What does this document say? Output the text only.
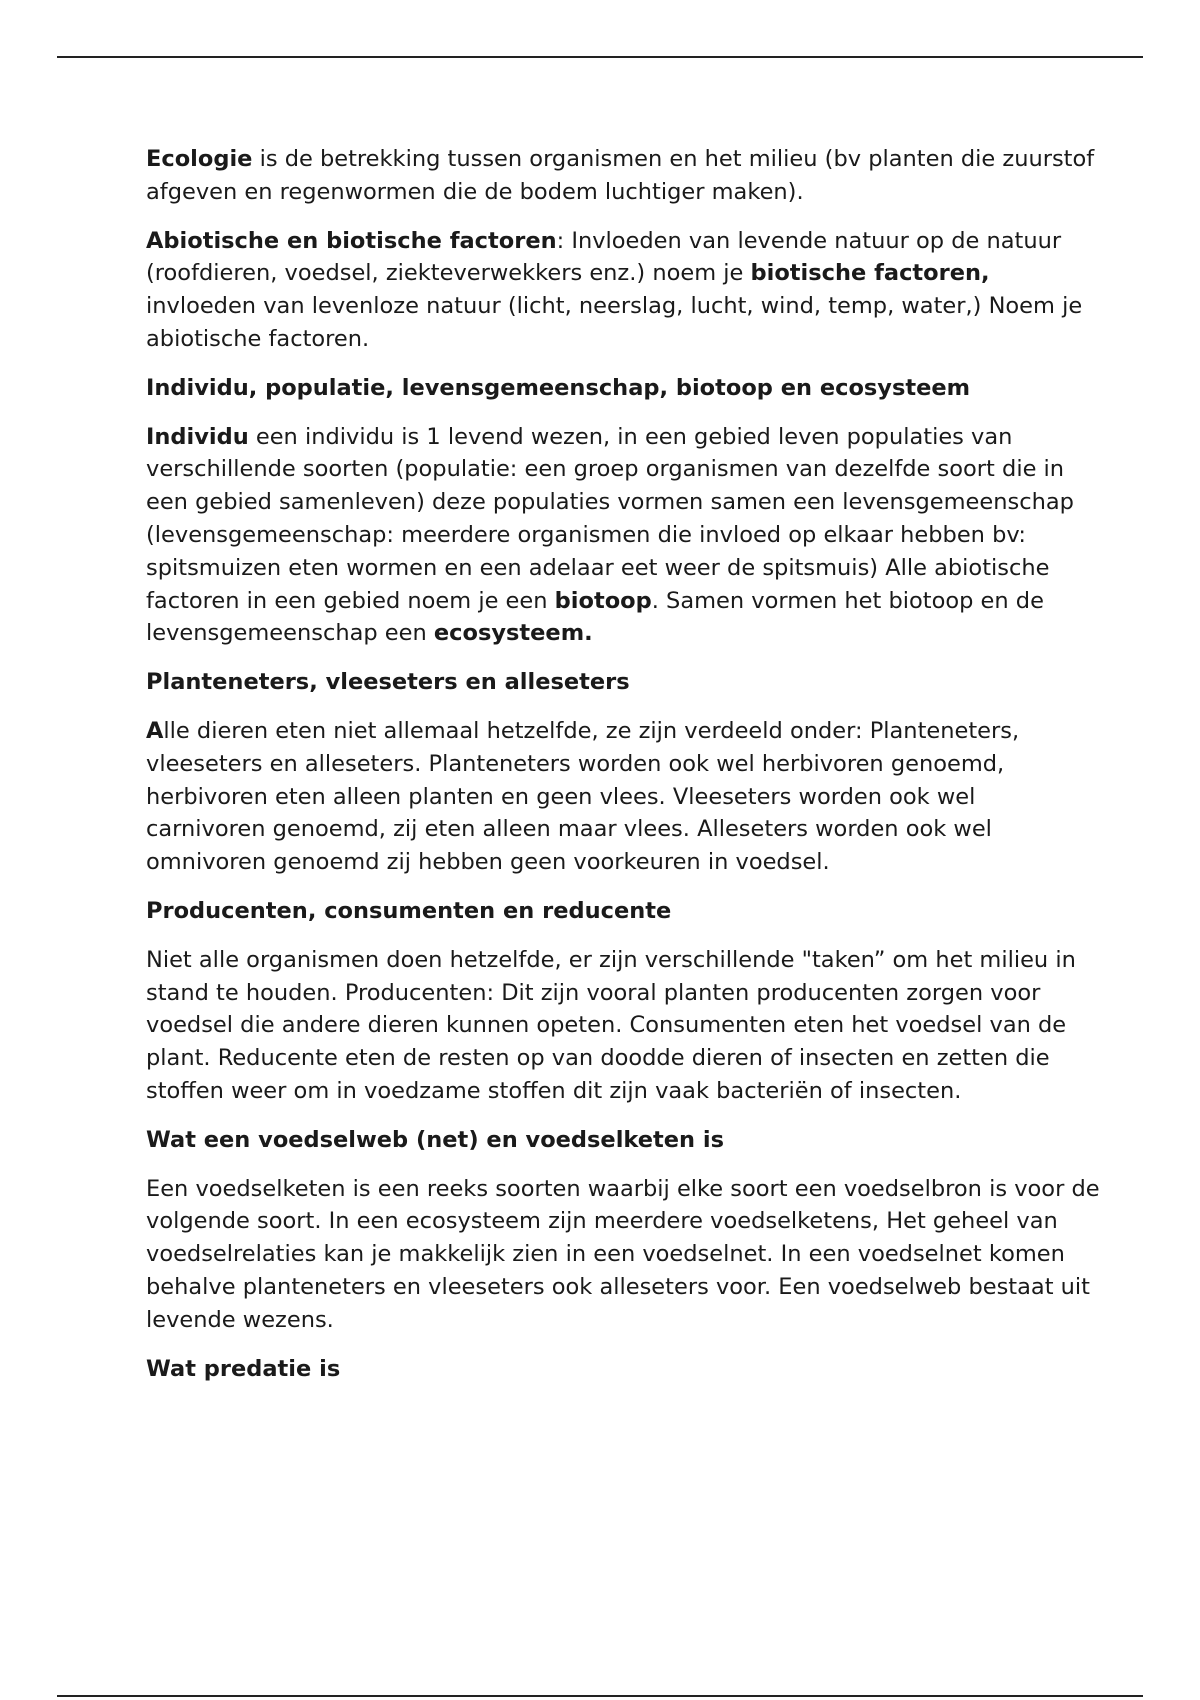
Ecologie is de betrekking tussen organismen en het milieu (bv planten die zuurstof afgeven en regenwormen die de bodem luchtiger maken).

Abiotische en biotische factoren: Invloeden van levende natuur op de natuur (roofdieren, voedsel, ziekteverwekkers enz.) noem je biotische factoren, invloeden van levenloze natuur (licht, neerslag, lucht, wind, temp, water,) Noem je abiotische factoren.

Individu, populatie, levensgemeenschap, biotoop en ecosysteem

Individu een individu is 1 levend wezen, in een gebied leven populaties van verschillende soorten (populatie: een groep organismen van dezelfde soort die in een gebied samenleven) deze populaties vormen samen een levensgemeenschap (levensgemeenschap: meerdere organismen die invloed op elkaar hebben bv: spitsmuizen eten wormen en een adelaar eet weer de spitsmuis) Alle abiotische factoren in een gebied noem je een biotoop. Samen vormen het biotoop en de levensgemeenschap een ecosysteem.

Planteneters, vleeseters en alleseters

Alle dieren eten niet allemaal hetzelfde, ze zijn verdeeld onder: Planteneters, vleeseters en alleseters. Planteneters worden ook wel herbivoren genoemd, herbivoren eten alleen planten en geen vlees. Vleeseters worden ook wel carnivoren genoemd, zij eten alleen maar vlees. Alleseters worden ook wel omnivoren genoemd zij hebben geen voorkeuren in voedsel.

Producenten, consumenten en reducente

Niet alle organismen doen hetzelfde, er zijn verschillende "taken” om het milieu in stand te houden. Producenten: Dit zijn vooral planten producenten zorgen voor voedsel die andere dieren kunnen opeten. Consumenten eten het voedsel van de plant. Reducente eten de resten op van doodde dieren of insecten en zetten die stoffen weer om in voedzame stoffen dit zijn vaak bacteriën of insecten.

Wat een voedselweb (net) en voedselketen is

Een voedselketen is een reeks soorten waarbij elke soort een voedselbron is voor de volgende soort. In een ecosysteem zijn meerdere voedselketens, Het geheel van voedselrelaties kan je makkelijk zien in een voedselnet. In een voedselnet komen behalve planteneters en vleeseters ook alleseters voor. Een voedselweb bestaat uit levende wezens.

Wat predatie is
